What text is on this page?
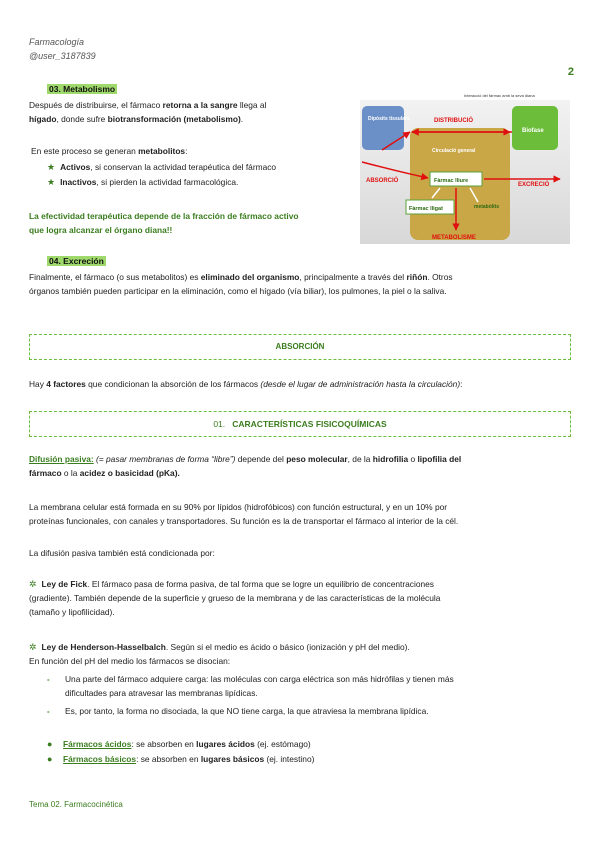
Farmacología
@user_3187839
2
03. Metabolismo
Después de distribuirse, el fármaco retorna a la sangre llega al
hígado, donde sufre biotransformación (metabolismo).
En este proceso se generan metabolitos:
★ Activos, si conservan la actividad terapéutica del fármaco
★ Inactivos, si pierden la actividad farmacológica.
La efectividad terapéutica depende de la fracción de fármaco activo
que logra alcanzar el órgano diana!!
Interacció del fàrmac amb la seva diana
Dipòsits tissulars	DISTRIBUCIÓ
Biofase
Circulació general
ABSORCIÓ	Fàrmac lliure
EXCRECIÓ
Fàrmac lligat	metabòlits
METABOLISME
04. Excreción
Finalmente, el fármaco (o sus metabolitos) es eliminado del organismo, principalmente a través del riñón. Otros
órganos también pueden participar en la eliminación, como el hígado (vía biliar), los pulmones, la piel o la saliva.
ABSORCIÓN
Hay 4 factores que condicionan la absorción de los fármacos (desde el lugar de administración hasta la circulación):
01. CARACTERÍSTICAS FISICOQUÍMICAS
Difusión pasiva: (= pasar membranas de forma “libre”) depende del peso molecular, de la hidrofilia o lipofilia del
fármaco o la acidez o basicidad (pKa).
La membrana celular está formada en su 90% por lípidos (hidrofóbicos) con función estructural, y en un 10% por
proteínas funcionales, con canales y transportadores. Su función es la de transportar el fármaco al interior de la cél.
La difusión pasiva también está condicionada por:
✲ Ley de Fick. El fármaco pasa de forma pasiva, de tal forma que se logre un equilibrio de concentraciones
(gradiente). También depende de la superficie y grueso de la membrana y de las características de la molécula
(tamaño y lipofilicidad).
✲ Ley de Henderson-Hasselbalch. Según si el medio es ácido o básico (ionización y pH del medio).
En función del pH del medio los fármacos se disocian:
- Una parte del fármaco adquiere carga: las moléculas con carga eléctrica son más hidrófilas y tienen más
dificultades para atravesar las membranas lipídicas.
- Es, por tanto, la forma no disociada, la que NO tiene carga, la que atraviesa la membrana lipídica.
● Fármacos ácidos: se absorben en lugares ácidos (ej. estómago)
● Fármacos básicos: se absorben en lugares básicos (ej. intestino)
Tema 02. Farmacocinética
